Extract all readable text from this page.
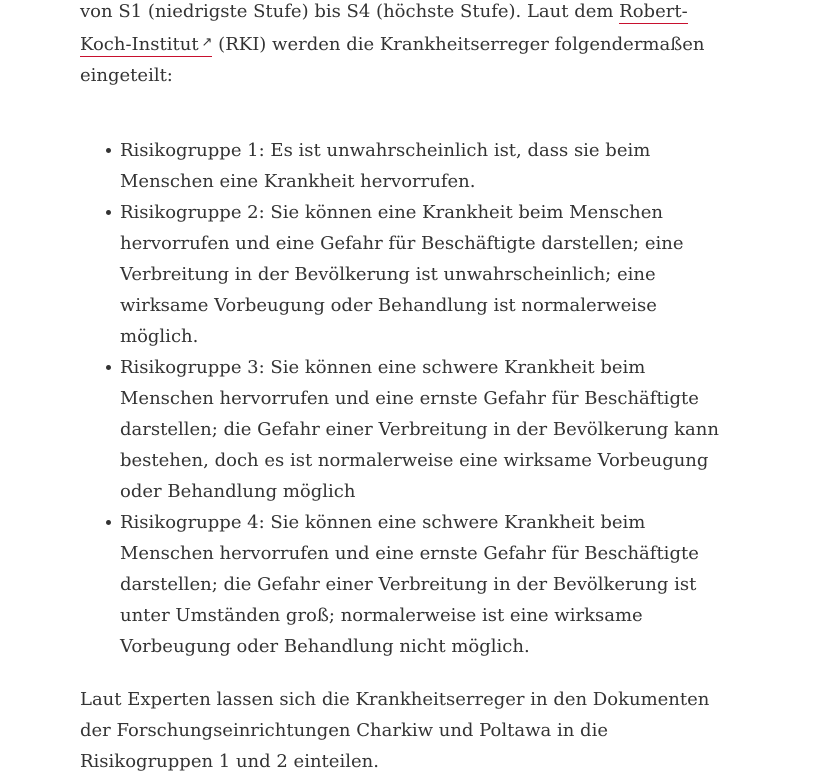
von S1 (niedrigste Stufe) bis S4 (höchste Stufe). Laut dem Robert-
Koch-Institut ↗ (RKI) werden die Krankheitserreger folgendermaßen
eingeteilt:

Risikogruppe 1: Es ist unwahrscheinlich ist, dass sie beim
Menschen eine Krankheit hervorrufen.
Risikogruppe 2: Sie können eine Krankheit beim Menschen
hervorrufen und eine Gefahr für Beschäftigte darstellen; eine
Verbreitung in der Bevölkerung ist unwahrscheinlich; eine
wirksame Vorbeugung oder Behandlung ist normalerweise
möglich.
Risikogruppe 3: Sie können eine schwere Krankheit beim
Menschen hervorrufen und eine ernste Gefahr für Beschäftigte
darstellen; die Gefahr einer Verbreitung in der Bevölkerung kann
bestehen, doch es ist normalerweise eine wirksame Vorbeugung
oder Behandlung möglich
Risikogruppe 4: Sie können eine schwere Krankheit beim
Menschen hervorrufen und eine ernste Gefahr für Beschäftigte
darstellen; die Gefahr einer Verbreitung in der Bevölkerung ist
unter Umständen groß; normalerweise ist eine wirksame
Vorbeugung oder Behandlung nicht möglich.

Laut Experten lassen sich die Krankheitserreger in den Dokumenten
der Forschungseinrichtungen Charkiw und Poltawa in die
Risikogruppen 1 und 2 einteilen.
